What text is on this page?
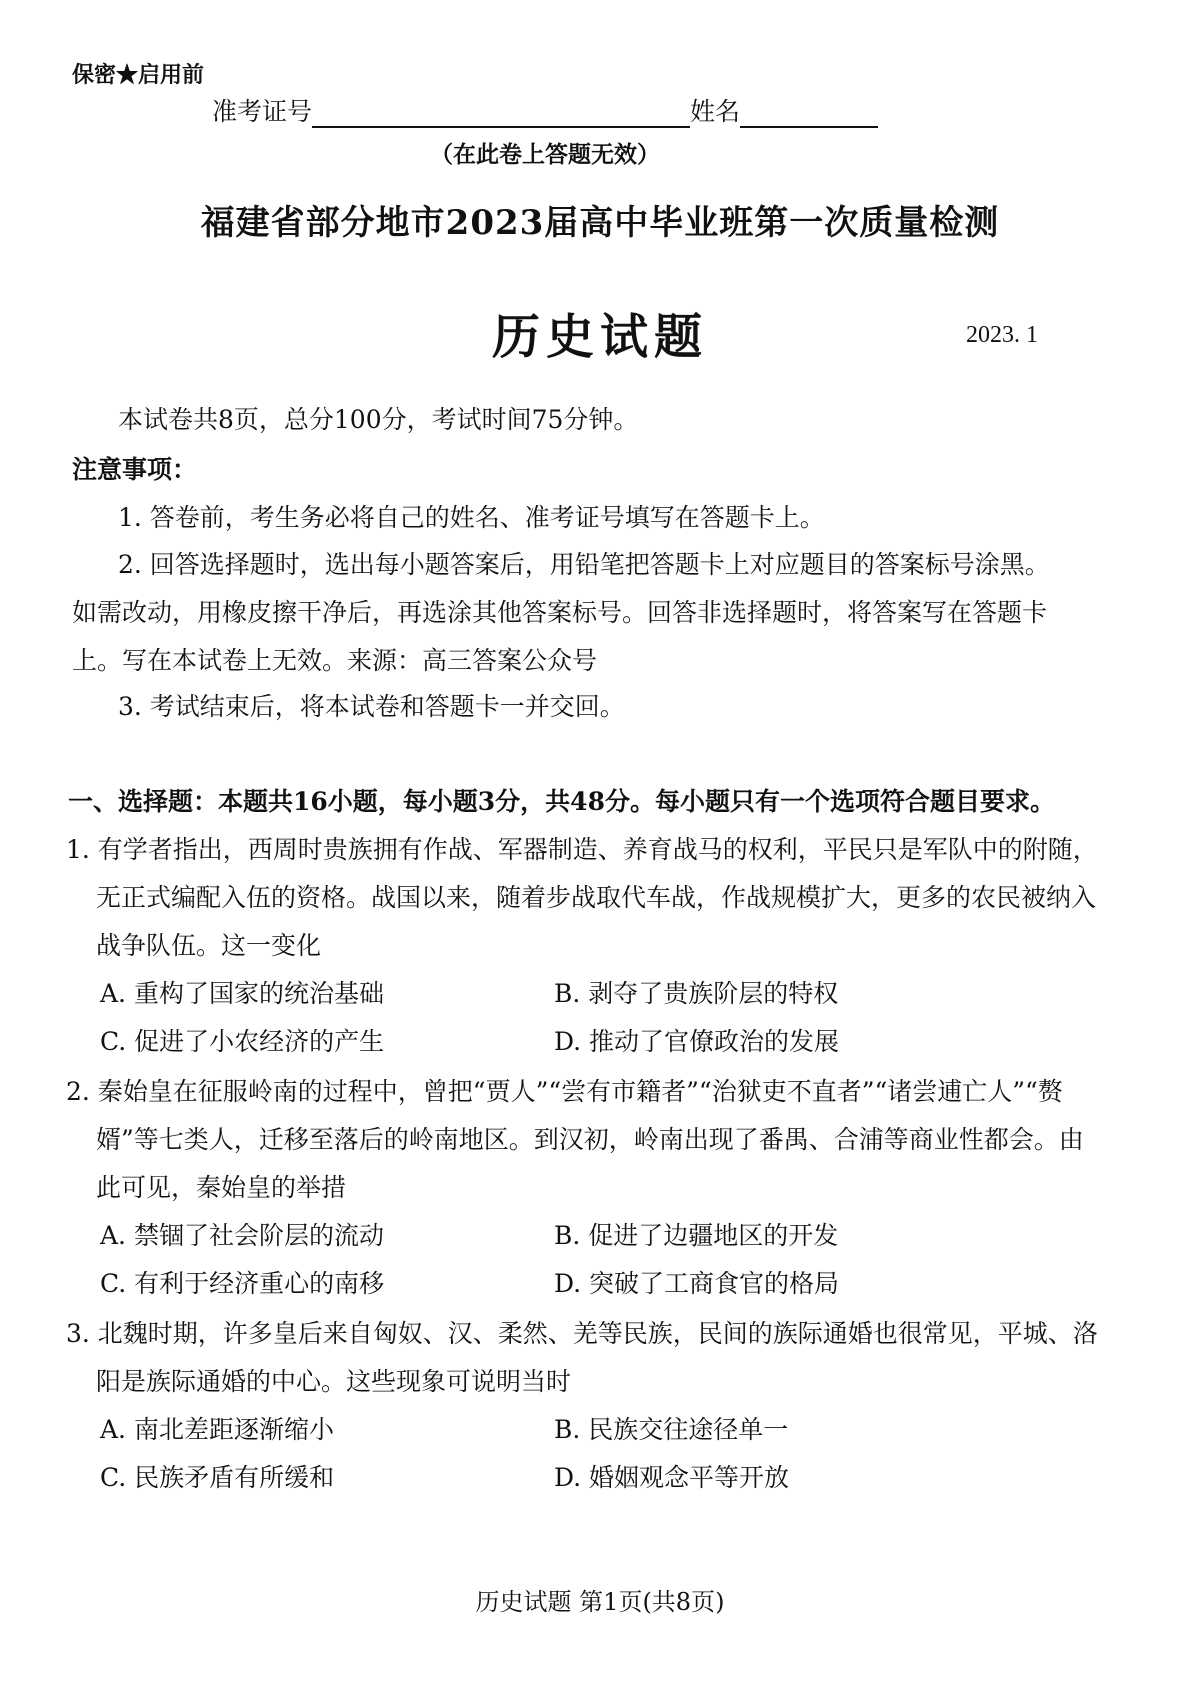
保密★启用前
准考证号	姓名
（在此卷上答题无效）
福建省部分地市2023届高中毕业班第一次质量检测
历史试题	2023. 1
本试卷共8页，总分100分，考试时间75分钟。
注意事项：
1. 答卷前，考生务必将自己的姓名、准考证号填写在答题卡上。
2. 回答选择题时，选出每小题答案后，用铅笔把答题卡上对应题目的答案标号涂黑。如需改动，用橡皮擦干净后，再选涂其他答案标号。回答非选择题时，将答案写在答题卡上。写在本试卷上无效。来源：高三答案公众号
3. 考试结束后，将本试卷和答题卡一并交回。
一、选择题：本题共16小题，每小题3分，共48分。每小题只有一个选项符合题目要求。
1. 有学者指出，西周时贵族拥有作战、军器制造、养育战马的权利，平民只是军队中的附随，无正式编配入伍的资格。战国以来，随着步战取代车战，作战规模扩大，更多的农民被纳入战争队伍。这一变化
A. 重构了国家的统治基础	B. 剥夺了贵族阶层的特权
C. 促进了小农经济的产生	D. 推动了官僚政治的发展
2. 秦始皇在征服岭南的过程中，曾把“贾人”“尝有市籍者”“治狱吏不直者”“诸尝逋亡人”“赘婿”等七类人，迁移至落后的岭南地区。到汉初，岭南出现了番禺、合浦等商业性都会。由此可见，秦始皇的举措
A. 禁锢了社会阶层的流动	B. 促进了边疆地区的开发
C. 有利于经济重心的南移	D. 突破了工商食官的格局
3. 北魏时期，许多皇后来自匈奴、汉、柔然、羌等民族，民间的族际通婚也很常见，平城、洛阳是族际通婚的中心。这些现象可说明当时
A. 南北差距逐渐缩小	B. 民族交往途径单一
C. 民族矛盾有所缓和	D. 婚姻观念平等开放
历史试题 第1页(共8页)
